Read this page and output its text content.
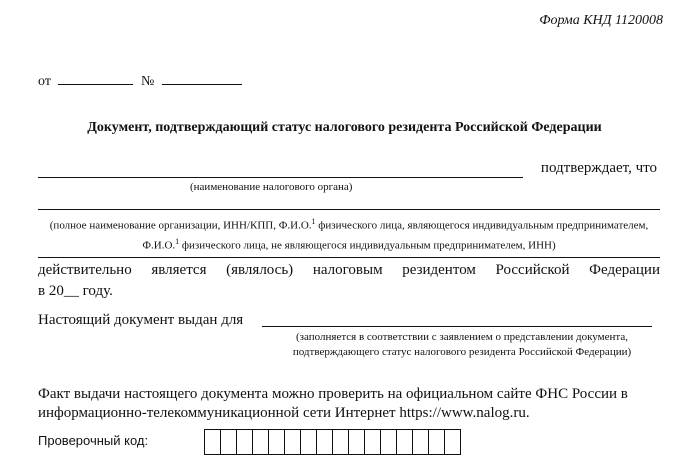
Форма КНД 1120008
от	№
Документ, подтверждающий статус налогового резидента Российской Федерации
подтверждает, что
(наименование налогового органа)
(полное наименование организации, ИНН/КПП, Ф.И.О.$^1$ физического лица, являющегося индивидуальным предпринимателем, Ф.И.О.$^1$ физического лица, не являющегося индивидуальным предпринимателем, ИНН)
действительно является (являлось) налоговым резидентом Российской Федерации
в 20__ году.
Настоящий документ выдан для
(заполняется в соответствии с заявлением о представлении документа, подтверждающего статус налогового резидента Российской Федерации)
Факт выдачи настоящего документа можно проверить на официальном сайте ФНС России в информационно-телекоммуникационной сети Интернет https://www.nalog.ru.
Проверочный код:
